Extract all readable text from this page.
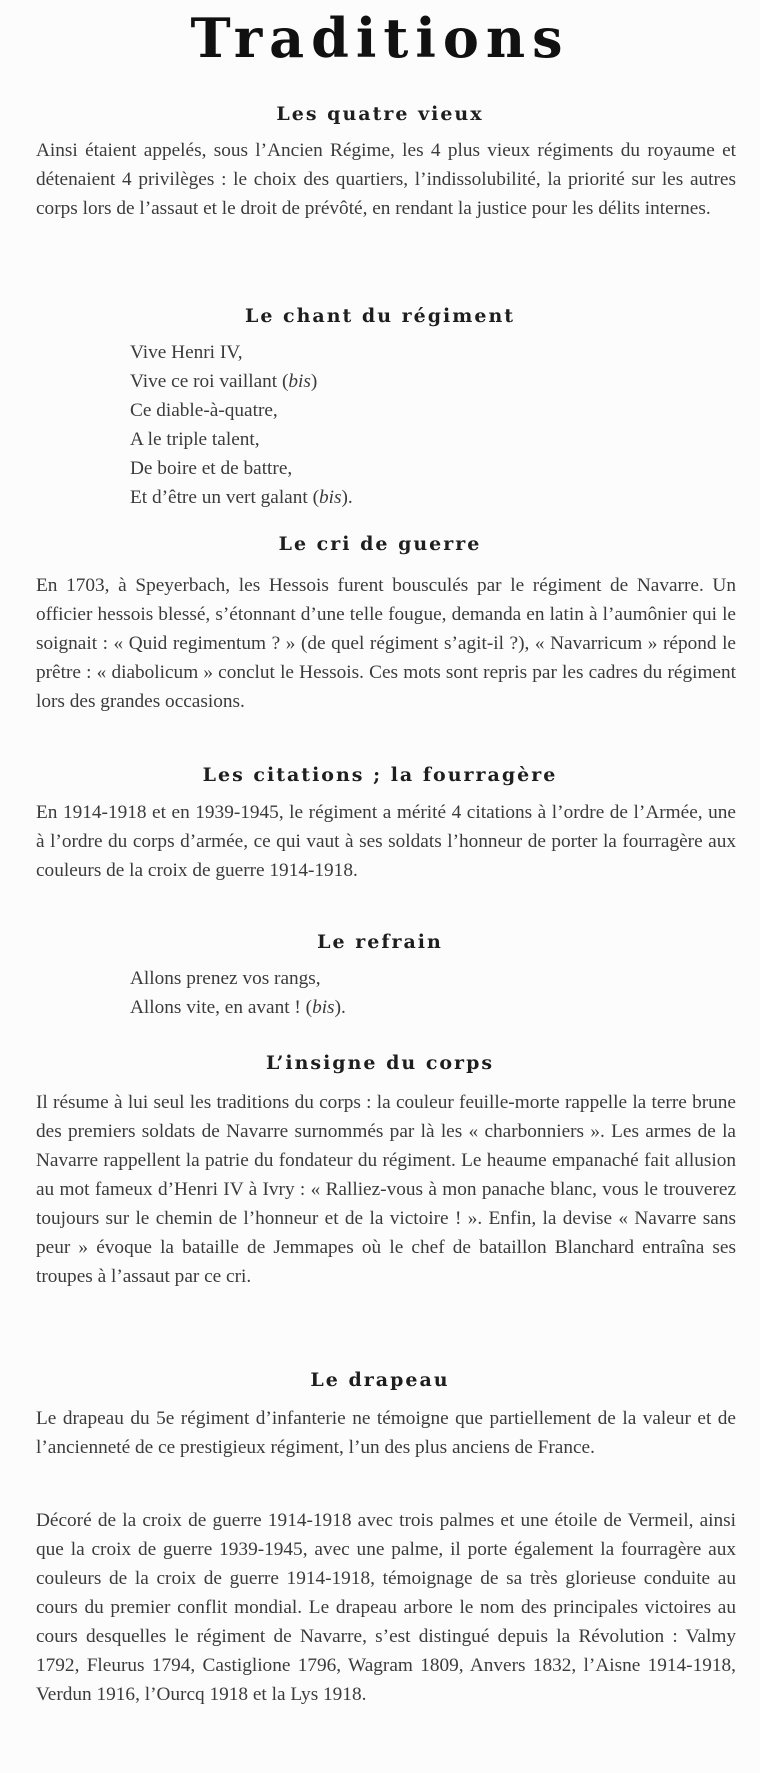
Traditions
Les quatre vieux

Ainsi étaient appelés, sous l’Ancien Régime, les 4 plus vieux régiments du royaume et détenaient 4 privilèges : le choix des quartiers, l’indissolubilité, la priorité sur les autres corps lors de l’assaut et le droit de prévôté, en rendant la justice pour les délits internes.

Le chant du régiment
Vive Henri IV,
Vive ce roi vaillant (bis)
Ce diable-à-quatre,
A le triple talent,
De boire et de battre,
Et d’être un vert galant (bis).
Le cri de guerre

En 1703, à Speyerbach, les Hessois furent bousculés par le régiment de Navarre. Un officier hessois blessé, s’étonnant d’une telle fougue, demanda en latin à l’aumônier qui le soignait : « Quid regimentum ? » (de quel régiment s’agit-il ?), « Navarricum » répond le prêtre : « diabolicum » conclut le Hessois. Ces mots sont repris par les cadres du régiment lors des grandes occasions.

Les citations ; la fourragère

En 1914-1918 et en 1939-1945, le régiment a mérité 4 citations à l’ordre de l’Armée, une à l’ordre du corps d’armée, ce qui vaut à ses soldats l’honneur de porter la fourragère aux couleurs de la croix de guerre 1914-1918.

Le refrain
Allons prenez vos rangs,
Allons vite, en avant ! (bis).
L’insigne du corps

Il résume à lui seul les traditions du corps : la couleur feuille-morte rappelle la terre brune des premiers soldats de Navarre surnommés par là les « charbonniers ». Les armes de la Navarre rappellent la patrie du fondateur du régiment. Le heaume empanaché fait allusion au mot fameux d’Henri IV à Ivry : « Ralliez-vous à mon panache blanc, vous le trouverez toujours sur le chemin de l’honneur et de la victoire ! ». Enfin, la devise « Navarre sans peur » évoque la bataille de Jemmapes où le chef de bataillon Blanchard entraîna ses troupes à l’assaut par ce cri.

Le drapeau

Le drapeau du 5e régiment d’infanterie ne témoigne que partiellement de la valeur et de l’ancienneté de ce prestigieux régiment, l’un des plus anciens de France.

Décoré de la croix de guerre 1914-1918 avec trois palmes et une étoile de Vermeil, ainsi que la croix de guerre 1939-1945, avec une palme, il porte également la fourragère aux couleurs de la croix de guerre 1914-1918, témoignage de sa très glorieuse conduite au cours du premier conflit mondial. Le drapeau arbore le nom des principales victoires au cours desquelles le régiment de Navarre, s’est distingué depuis la Révolution : Valmy 1792, Fleurus 1794, Castiglione 1796, Wagram 1809, Anvers 1832, l’Aisne 1914-1918, Verdun 1916, l’Ourcq 1918 et la Lys 1918.
